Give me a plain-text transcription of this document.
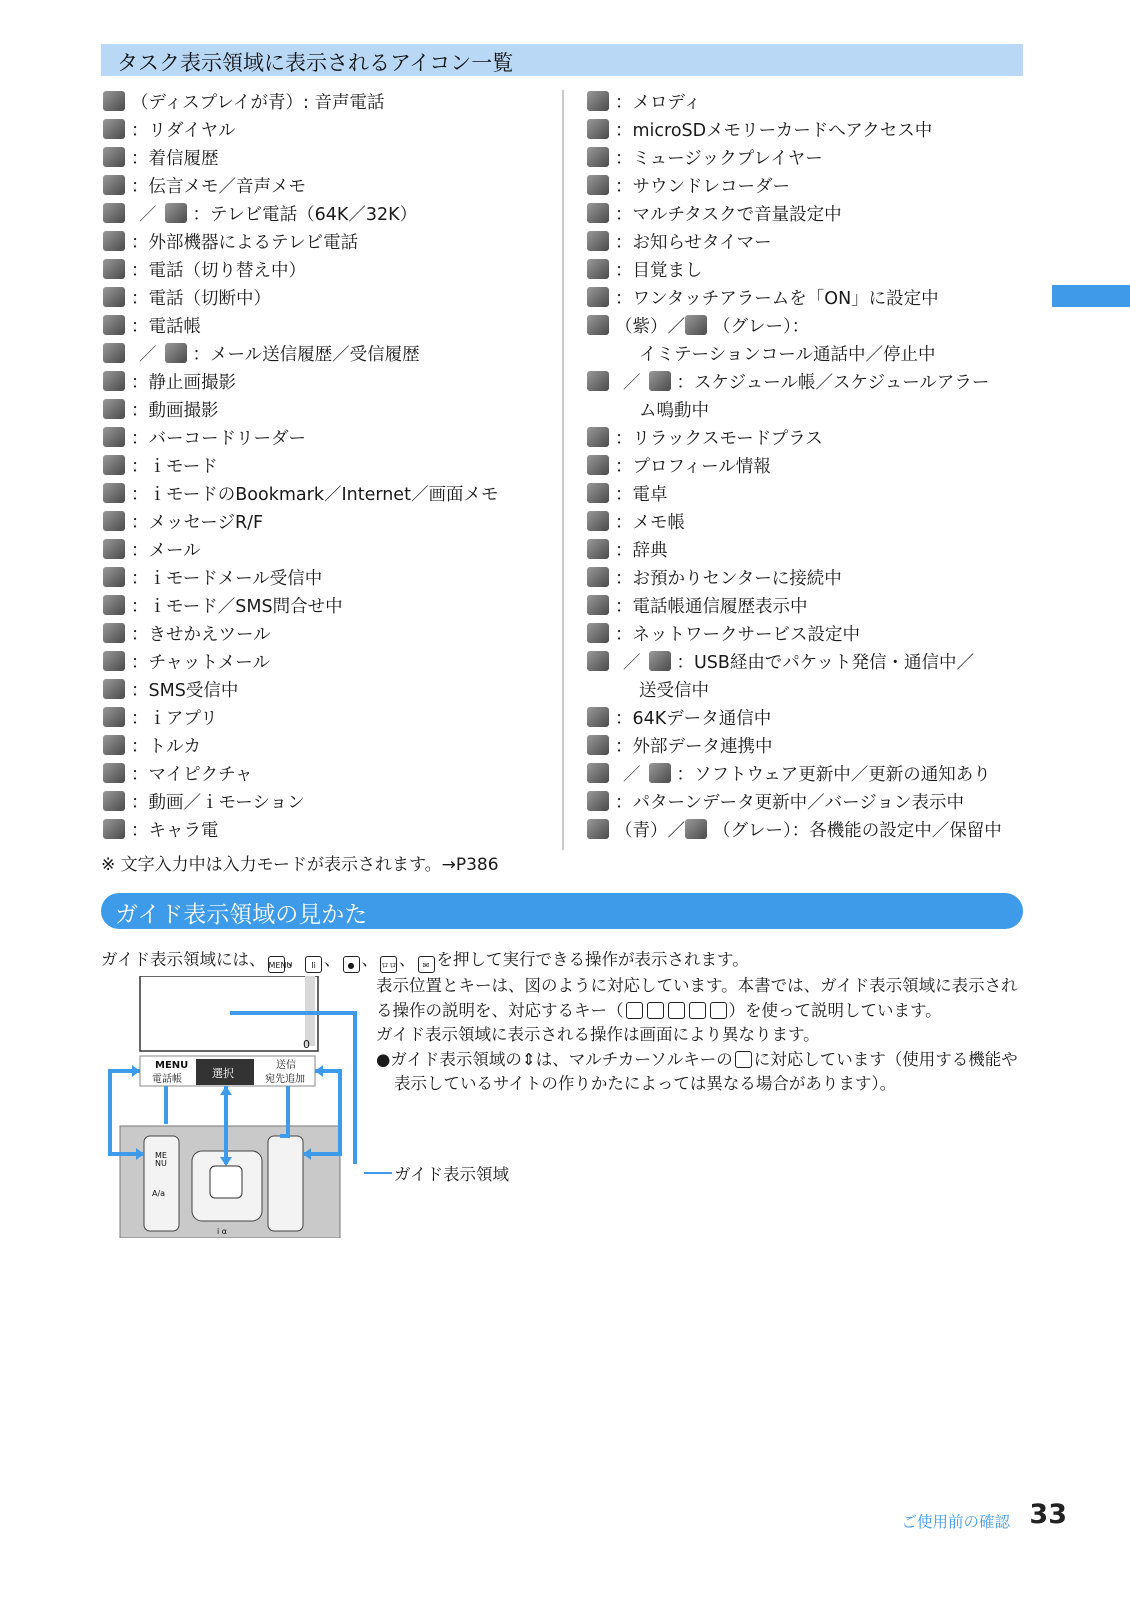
タスク表示領域に表示されるアイコン一覧
（ディスプレイが青）: 音声電話
：リダイヤル
：着信履歴
：伝言メモ／音声メモ
／ ：テレビ電話（64K／32K）
：外部機器によるテレビ電話
：電話（切り替え中）
：電話（切断中）
：電話帳
／ ：メール送信履歴／受信履歴
：静止画撮影
：動画撮影
：バーコードリーダー
：ｉモード
：ｉモードのBookmark／Internet／画面メモ
：メッセージR/F
：メール
：ｉモードメール受信中
：ｉモード／SMS問合せ中
：きせかえツール
：チャットメール
：SMS受信中
：ｉアプリ
：トルカ
：マイピクチャ
：動画／ｉモーション
：キャラ電
：メロディ
：microSDメモリーカードへアクセス中
：ミュージックプレイヤー
：サウンドレコーダー
：マルチタスクで音量設定中
：お知らせタイマー
：目覚まし
：ワンタッチアラームを「ON」に設定中
（紫）／ （グレー）：
イミテーションコール通話中／停止中
／ ：スケジュール帳／スケジュールアラー
ム鳴動中
：リラックスモードプラス
：プロフィール情報
：電卓
：メモ帳
：辞典
：お預かりセンターに接続中
：電話帳通信履歴表示中
：ネットワークサービス設定中
／ ：USB経由でパケット発信・通信中／
送受信中
：64Kデータ通信中
：外部データ連携中
／ ：ソフトウェア更新中／更新の通知あり
：パターンデータ更新中／バージョン表示中
（青）／ （グレー）：各機能の設定中／保留中
※ 文字入力中は入力モードが表示されます。→P386
ガイド表示領域の見かた
ガイド表示領域には、 MENU、 Ii 、 ● 、 ロロ 、 ✉ を押して実行できる操作が表示されます。

表示位置とキーは、図のように対応しています。本書では、ガイド表示領域に表示される操作の説明を、対応するキー（	）を使って説明しています。

ガイド表示領域に表示される操作は画面により異なります。

●ガイド表示領域の⇕は、マルチカーソルキーの に対応しています（使用する機能や表示しているサイトの作りかたによっては異なる場合があります）。

ガイド表示領域
0
MENU
電話帳	選択
送信
宛先追加
ME
NU
A/a
i α
ご使用前の確認 33
